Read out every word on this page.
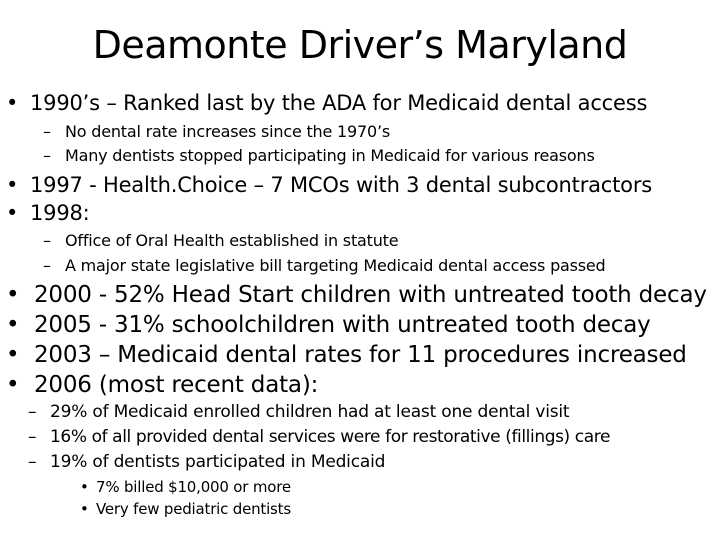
Deamonte Driver’s Maryland
• 1990’s – Ranked last by the ADA for Medicaid dental access
– No dental rate increases since the 1970’s
– Many dentists stopped participating in Medicaid for various reasons
• 1997 - Health.Choice – 7 MCOs with 3 dental subcontractors
• 1998:
– Office of Oral Health established in statute
– A major state legislative bill targeting Medicaid dental access passed
• 2000 - 52% Head Start children with untreated tooth decay
• 2005 - 31% schoolchildren with untreated tooth decay
• 2003 – Medicaid dental rates for 11 procedures increased
• 2006 (most recent data):
– 29% of Medicaid enrolled children had at least one dental visit
– 16% of all provided dental services were for restorative (fillings) care
– 19% of dentists participated in Medicaid
• 7% billed $10,000 or more
• Very few pediatric dentists
